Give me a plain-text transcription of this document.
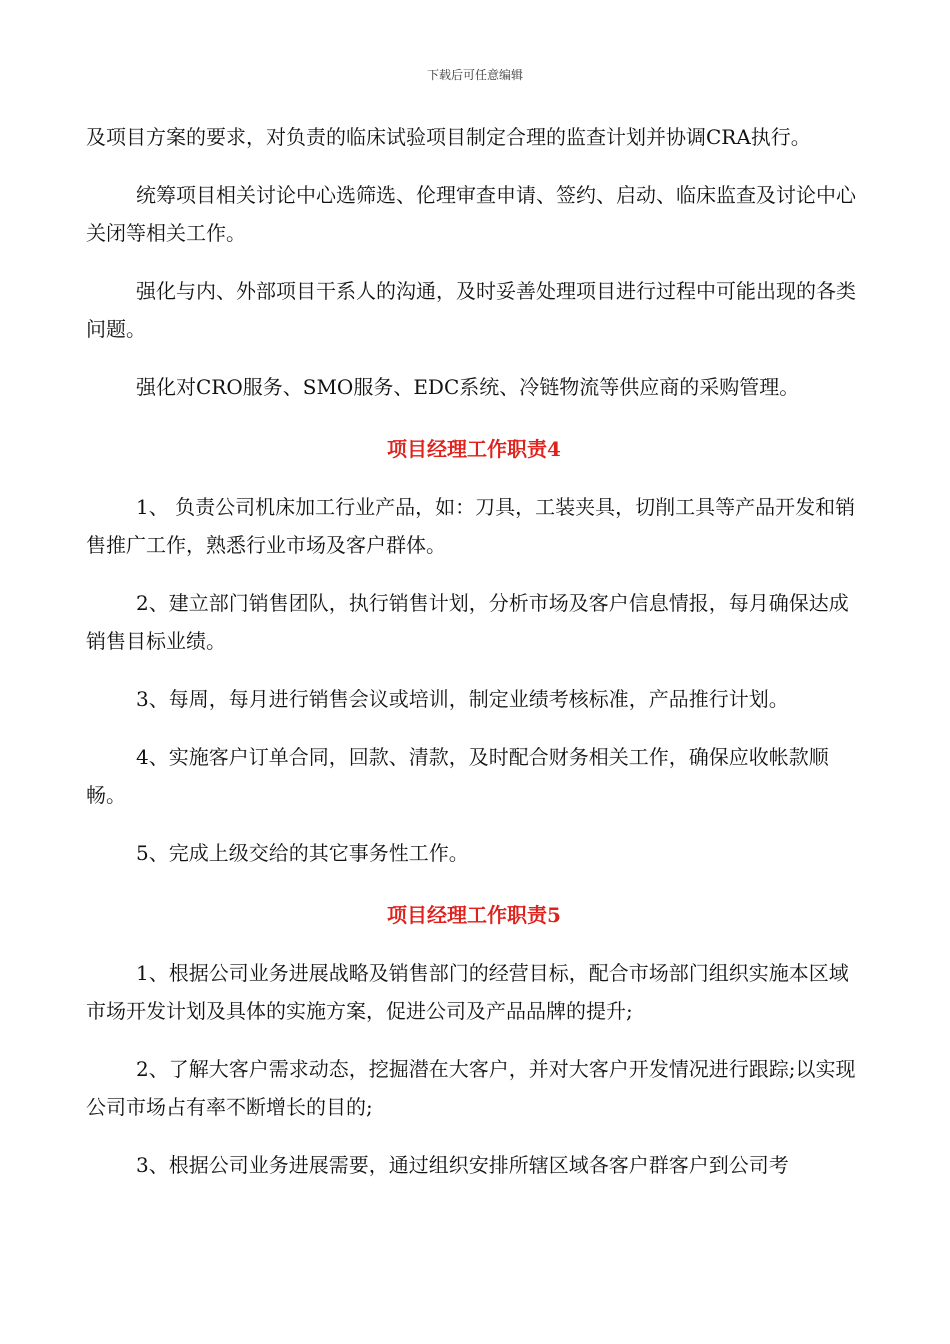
下载后可任意编辑

及项目方案的要求，对负责的临床试验项目制定合理的监查计划并协调CRA执行。

统筹项目相关讨论中心选筛选、伦理审查申请、签约、启动、临床监查及讨论中心关闭等相关工作。

强化与内、外部项目干系人的沟通，及时妥善处理项目进行过程中可能出现的各类问题。

强化对CRO服务、SMO服务、EDC系统、冷链物流等供应商的采购管理。

项目经理工作职责4

1、 负责公司机床加工行业产品，如：刀具，工装夹具，切削工具等产品开发和销售推广工作，熟悉行业市场及客户群体。

2、建立部门销售团队，执行销售计划，分析市场及客户信息情报，每月确保达成销售目标业绩。

3、每周，每月进行销售会议或培训，制定业绩考核标准，产品推行计划。

4、实施客户订单合同，回款、清款，及时配合财务相关工作，确保应收帐款顺畅。

5、完成上级交给的其它事务性工作。

项目经理工作职责5

1、根据公司业务进展战略及销售部门的经营目标，配合市场部门组织实施本区域市场开发计划及具体的实施方案，促进公司及产品品牌的提升;

2、了解大客户需求动态，挖掘潜在大客户，并对大客户开发情况进行跟踪;以实现公司市场占有率不断增长的目的;

3、根据公司业务进展需要，通过组织安排所辖区域各客户群客户到公司考
